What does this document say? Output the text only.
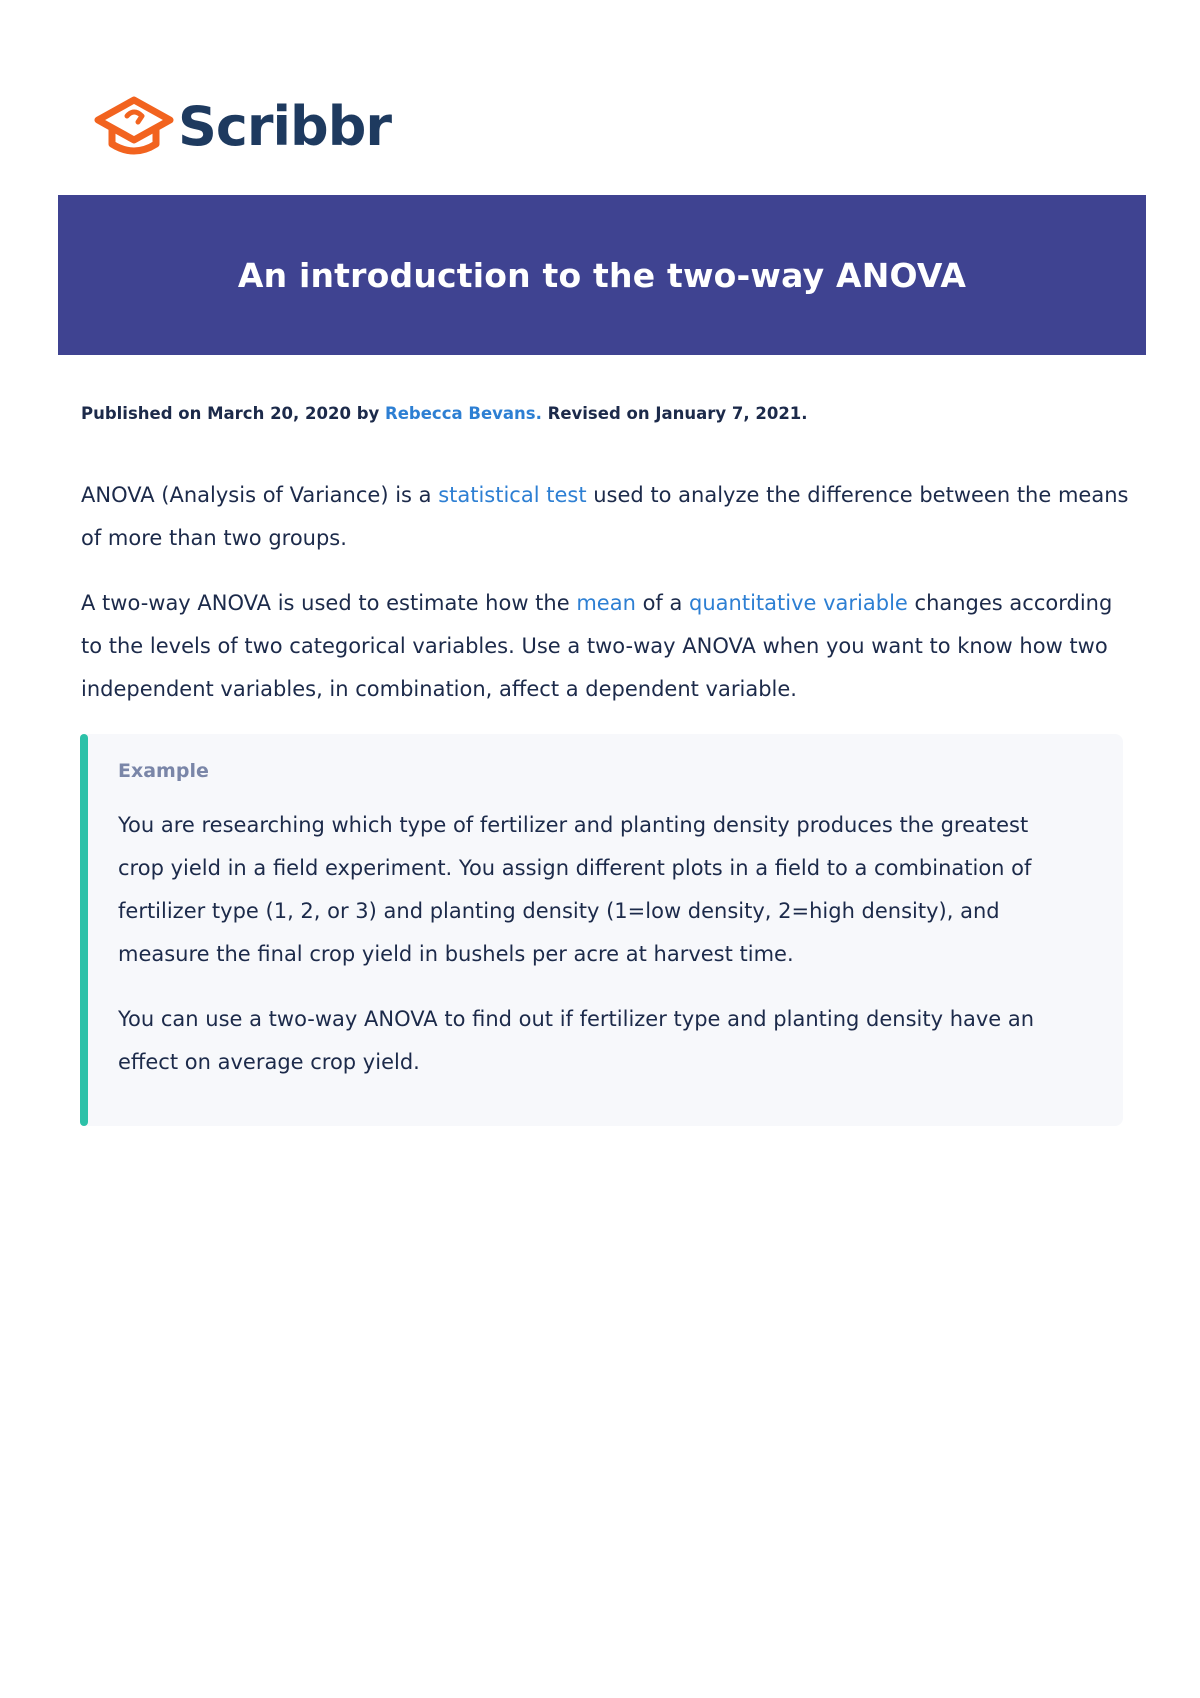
Scribbr
An introduction to the two-way ANOVA

Published on March 20, 2020 by Rebecca Bevans. Revised on January 7, 2021.

ANOVA (Analysis of Variance) is a statistical test used to analyze the difference between the means of more than two groups.

A two-way ANOVA is used to estimate how the mean of a quantitative variable changes according to the levels of two categorical variables. Use a two-way ANOVA when you want to know how two independent variables, in combination, affect a dependent variable.

Example

You are researching which type of fertilizer and planting density produces the greatest crop yield in a field experiment. You assign different plots in a field to a combination of fertilizer type (1, 2, or 3) and planting density (1=low density, 2=high density), and measure the final crop yield in bushels per acre at harvest time.

You can use a two-way ANOVA to find out if fertilizer type and planting density have an effect on average crop yield.
